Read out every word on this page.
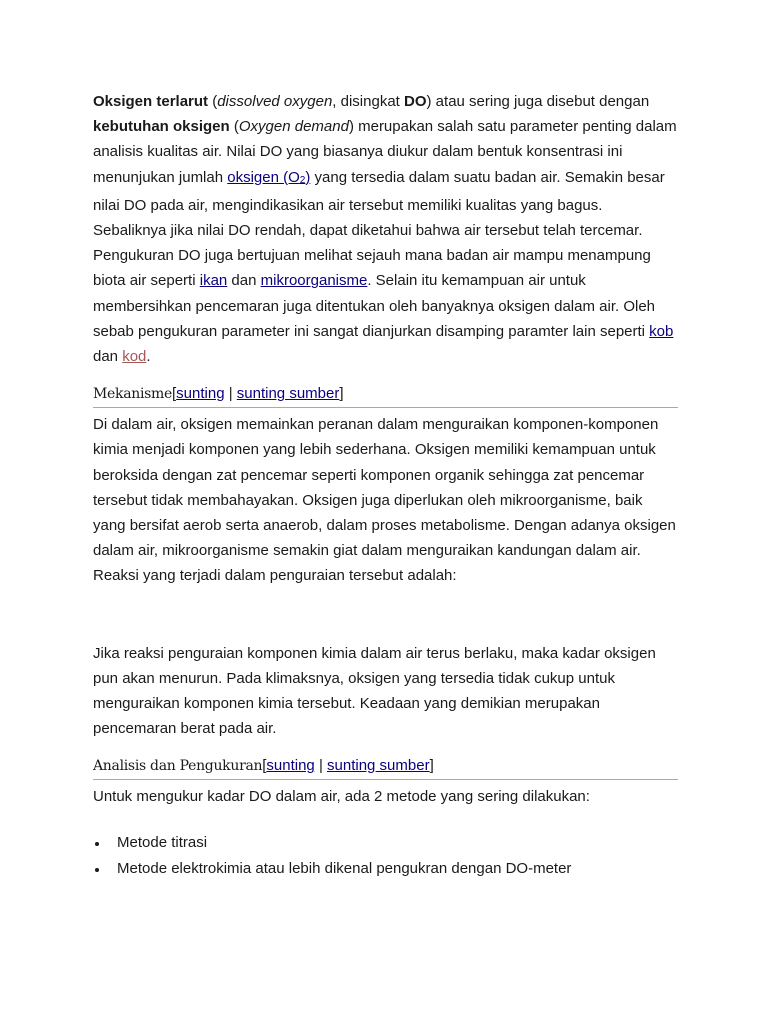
Oksigen terlarut (dissolved oxygen, disingkat DO) atau sering juga disebut dengan kebutuhan oksigen (Oxygen demand) merupakan salah satu parameter penting dalam analisis kualitas air. Nilai DO yang biasanya diukur dalam bentuk konsentrasi ini menunjukan jumlah oksigen (O2) yang tersedia dalam suatu badan air. Semakin besar nilai DO pada air, mengindikasikan air tersebut memiliki kualitas yang bagus. Sebaliknya jika nilai DO rendah, dapat diketahui bahwa air tersebut telah tercemar. Pengukuran DO juga bertujuan melihat sejauh mana badan air mampu menampung biota air seperti ikan dan mikroorganisme. Selain itu kemampuan air untuk membersihkan pencemaran juga ditentukan oleh banyaknya oksigen dalam air. Oleh sebab pengukuran parameter ini sangat dianjurkan disamping paramter lain seperti kob dan kod.

Mekanisme[sunting | sunting sumber]

Di dalam air, oksigen memainkan peranan dalam menguraikan komponen-komponen kimia menjadi komponen yang lebih sederhana. Oksigen memiliki kemampuan untuk beroksida dengan zat pencemar seperti komponen organik sehingga zat pencemar tersebut tidak membahayakan. Oksigen juga diperlukan oleh mikroorganisme, baik yang bersifat aerob serta anaerob, dalam proses metabolisme. Dengan adanya oksigen dalam air, mikroorganisme semakin giat dalam menguraikan kandungan dalam air. Reaksi yang terjadi dalam penguraian tersebut adalah:

Jika reaksi penguraian komponen kimia dalam air terus berlaku, maka kadar oksigen pun akan menurun. Pada klimaksnya, oksigen yang tersedia tidak cukup untuk menguraikan komponen kimia tersebut. Keadaan yang demikian merupakan pencemaran berat pada air.

Analisis dan Pengukuran[sunting | sunting sumber]

Untuk mengukur kadar DO dalam air, ada 2 metode yang sering dilakukan:

Metode titrasi
Metode elektrokimia atau lebih dikenal pengukran dengan DO-meter
